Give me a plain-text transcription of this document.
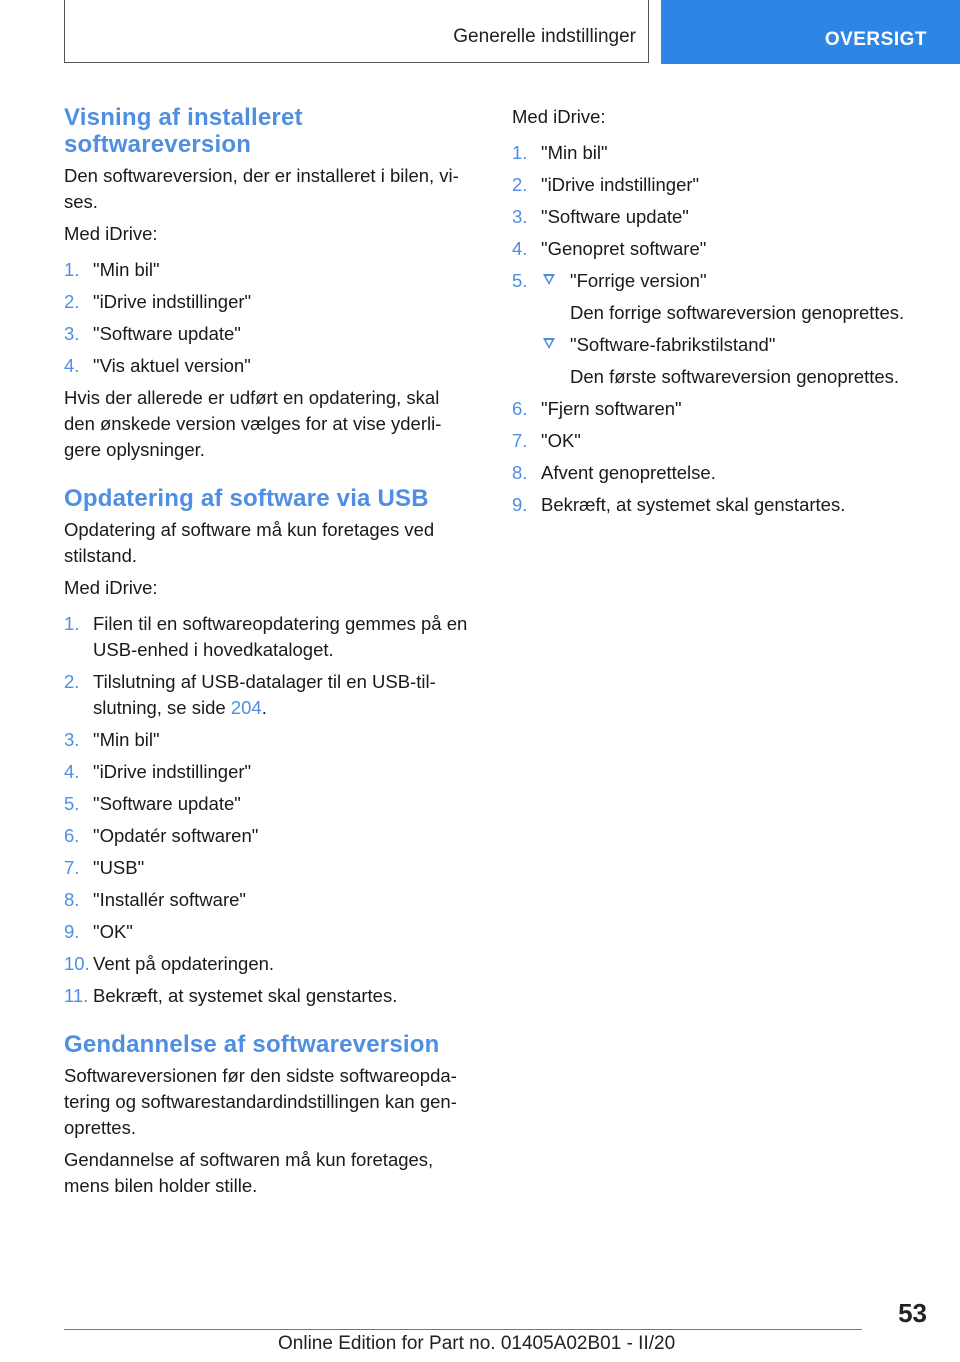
Generelle indstillinger	OVERSIGT
Visning af installeret softwareversion

Den softwareversion, der er installeret i bilen, vi-ses.

Med iDrive:

1. "Min bil"
2. "iDrive indstillinger"
3. "Software update"
4. "Vis aktuel version"

Hvis der allerede er udført en opdatering, skal den ønskede version vælges for at vise yderli-gere oplysninger.

Opdatering af software via USB

Opdatering af software må kun foretages ved stilstand.

Med iDrive:

1. Filen til en softwareopdatering gemmes på en USB-enhed i hovedkataloget.
2. Tilslutning af USB-datalager til en USB-til-slutning, se side 204.
3. "Min bil"
4. "iDrive indstillinger"
5. "Software update"
6. "Opdatér softwaren"
7. "USB"
8. "Installér software"
9. "OK"
10. Vent på opdateringen.
11. Bekræft, at systemet skal genstartes.
Gendannelse af softwareversion

Softwareversionen før den sidste softwareopda-tering og softwarestandardindstillingen kan gen-oprettes.

Gendannelse af softwaren må kun foretages, mens bilen holder stille.

Med iDrive:

1. "Min bil"
2. "iDrive indstillinger"
3. "Software update"
4. "Genopret software"
5. "Forrige version"
Den forrige softwareversion genoprettes.
"Software-fabrikstilstand"
Den første softwareversion genoprettes.
6. "Fjern softwaren"
7. "OK"
8. Afvent genoprettelse.
9. Bekræft, at systemet skal genstartes.
53
Online Edition for Part no. 01405A02B01 - II/20
